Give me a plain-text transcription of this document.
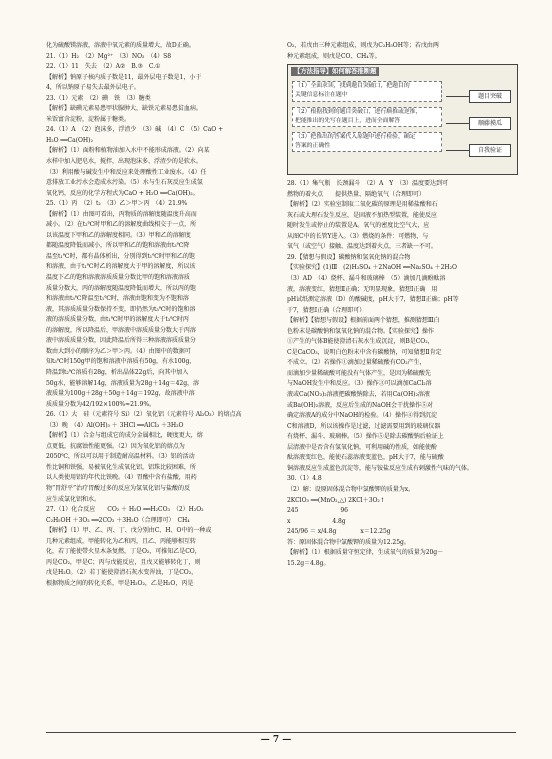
化为硫酸镁溶液，溶液中氧元素的质量增大，故D正确。

21.（1）H₂　（2）Mg²⁺　（3）NO₂　（4）S8

22.（1）11　失去　（2）A②　B.③　C.①

【解析】钠原子核内质子数是11，最外层电子数是1，小于

4，所以钠原子易失去最外层电子。

23.（1）元素　（2）碘　铁　（3）糖类

【解析】缺碘元素易患甲状腺肿大，缺铁元素易患贫血病。

米饭富含淀粉，淀粉属于糖类。

24.（1）A　（2）泡沫多，浮渣少　（3）碱　（4）C　（5）CaO +

H₂O ══Ca(OH)₂

【解析】（1）面粉和植物油加入水中不能形成溶液。（2）向某

水样中加入肥皂水，搅拌，出现泡沫多、浮渣少的是软水。

（3）利用酸与碱发生中和反应来处理酸性工业废水。（4）任

意排放工业污水会造成水污染。（5）水与生石灰反应生成氢

氧化钙，反应的化学方程式为CaO + H₂O ══Ca(OH)₂。

25.（1）丙　（2）t₂　（3）乙＞甲＞丙　（4）21.9%

【解析】（1）由图可看出，丙物质的溶解度随温度升高而

减小。（2）在t₂℃时甲和乙的溶解度曲线相交于一点，所

以该温度下甲和乙的溶解度相同。（3）甲和乙的溶解度

都随温度降低而减小，所以甲和乙的饱和溶液由t₃℃降

温至t₁℃时，都有晶体析出，分别得到t₁℃时甲和乙的饱

和溶液，由于t₁℃时乙的溶解度大于甲的溶解度，所以该

温度下乙的饱和溶液溶质质量分数比甲的饱和溶液溶质

质量分数大，丙的溶解度随温度降低而增大，所以丙的饱

和溶液由t₃℃降温至t₁℃时，溶液由饱和变为不饱和溶

液，其溶质质量分数保持不变，即仍然为t₃℃时的饱和溶

液的溶质质量分数，由t₁℃时甲的溶解度大于t₃℃时丙

的溶解度，所以降温后，甲溶液中溶质质量分数大于丙溶

液中溶质质量分数，因此降温后所得三种溶液溶质质量分

数由大到小的顺序为乙＞甲＞丙。（4）由图中的数据可

知t₃℃时150g甲的饱和溶液中溶质有50g，有水100g，

降温到t₂℃溶质有28g，析出晶体22g后，向其中加入

50g水，能够溶解14g，溶液质量为28g＋14g＝42g，溶

液质量为100g＋28g＋50g＋14g＝192g，故溶液中溶

质质量分数为42/192×100%≈21.9%。

26.（1）大　硅（元素符号 Si）（2）氧化铝（元素符号 Al₂O₃）的熔点高

（3）晚　（4）Al(OH)₃ ＋ 3HCl ══AlCl₃ ＋3H₂O

【解析】（1）合金与组成它的成分金属相比，硬度更大，熔

点更低，抗腐蚀性能更强。（2）因为氧化铝的熔点为

2050℃，所以可以用于制造耐高温材料。（3）铝的活动

性比铜和铁强，易被氧化生成氧化铝，铝珠比较困难，所

以人类使用铝的年代比铁晚。（4）胃酸中含有盐酸，用药

物“胃舒平”治疗胃酸过多的反应为氢氧化铝与盐酸的反

应生成氯化铝和水。

27.（1）化合反应　　CO₂ ＋ H₂O ══H₂CO₃　（2）H₂O₂

C₂H₅OH ＋3O₂ ══2CO₂ ＋3H₂O（合理即可）　CH₄

【解析】（1）甲、乙、丙、丁、戊分别由C、H、O中的一种或

几种元素组成，甲能转化为乙和丙，且乙、丙能够相互转

化，若丁能使带火星木条复燃，丁是O₂，可推知乙是CO，

丙是CO₂，甲是C；丙与戊能反应，且戊又能够转化丁，则

戊是H₂O。（2）若丁能使澄清石灰水变浑浊，丁是CO₂，

根据物质之间的转化关系，甲是H₂O₂，乙是H₂O，丙是

O₂，若戊由三种元素组成，则戊为C₂H₅OH等；若戊由两

种元素组成，则戊是CO、CH₄等。

【方法指导】如何解答推断题
（1）全面求读，找到题目突破口，把题目的
关键信息标注在题中
（2）根据找到的题目突破口，进行顺推或逆推，
把能推出的先写在题目上，进而全面解答
（3）把推出的答案代入原题中进行检验，确定
答案的正确性
题目突破
顺藤摸瓜
自我验证

28.（1）集气瓶　长颈漏斗　（2）A　Y　（3）温度要达到可

燃物的着火点　　提供热量、隔绝氧气（合理即可）

【解析】（2）实验室制取二氧化碳的原理是用稀盐酸和石

灰石或大理石发生反应，是固液不加热型装置，能使反应

随时发生或停止的装置是A。氧气的密度比空气大，应

从图C中的长管Y进入。（3）燃烧的条件：可燃物、与

氧气（或空气）接触、温度达到着火点，三者缺一不可。

29.【猜想与假设】碳酸钠和氢氧化钠的混合物

【实验探究】(1)Ⅲ　(2)H₂SO₄ ＋2NaOH ══Na₂SO₄ ＋2H₂O

（3）AD　（4）烧杯、漏斗和玻璃棒　（5）滴加几滴酚酞溶

液，溶液变红，猜想Ⅱ正确；无明显现象，猜想Ⅰ正确　用

pH试纸测定溶液（D）的酸碱度，pH大于7，猜想Ⅱ正确；pH等

于7，猜想Ⅰ正确（合理即可）

【解析】【猜想与假设】根据前面两个猜想，推测猜想Ⅲ白

色粉末是碳酸钠和氢氧化钠的混合物。【实验探究】操作

①产生的气体B能使澄清石灰水生成沉淀，则B是CO₂，

C是CaCO₃，说明白色粉末中含有碳酸钠，可知猜想Ⅱ肯定

不成立。（2）若操作①滴加过量稀硫酸有CO₂产生，

而滴加少量稀硫酸可能没有气体产生，是因为稀硫酸先

与NaOH发生中和反应。（3）操作③可以滴加CaCl₂溶

液或Ca(NO₃)₂溶液把碳酸钠除去，若用Ca(OH)₂溶液

或Ba(OH)₂溶液，反应后生成的NaOH会干扰操作⑤对

确定溶液A的成分中NaOH的检验。（4）操作④得到沉淀

C和溶液D，所以该操作是过滤，过滤需要用到的玻璃仪器

有烧杯、漏斗、玻璃棒。（5）操作⑤是除去碳酸钠后验证上

层清液中是否含有氢氧化钠，可利用碱的性质，如能使酚

酞溶液变红色，能使石蕊溶液变蓝色，pH大于7，能与硫酸

铜溶液反应生成蓝色沉淀等，能与铵盐反应生成有刺激性气味的气体。

30.（1）4.8

（2）解：设原固体混合物中氯酸钾的质量为x。

2KClO₃ ══(MnO₂,△) 2KCl＋3O₂↑

245　　　　　　　96

x　　　　　　　4.8g

245/96 ＝ x/4.8g　　　　x＝12.25g

答：原固体混合物中氯酸钾的质量为12.25g。

【解析】（1）根据质量守恒定律，生成氧气的质量为20g－

15.2g＝4.8g。

— 7 —
